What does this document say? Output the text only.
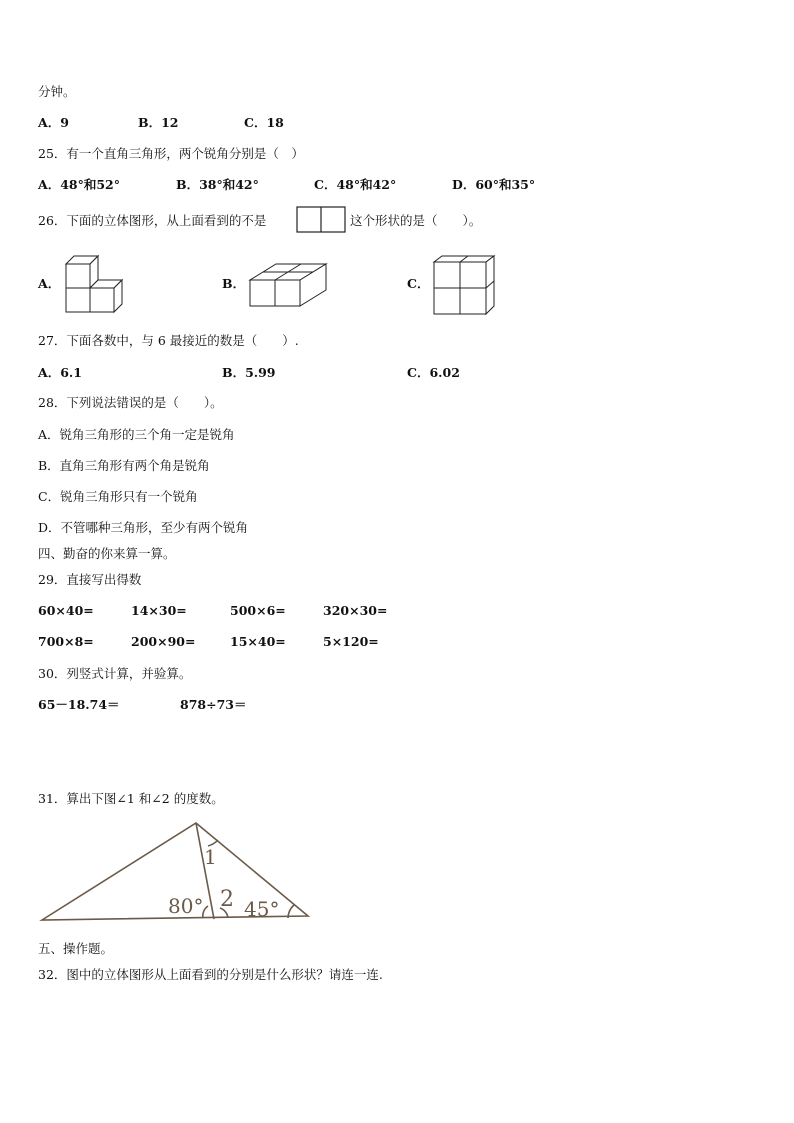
分钟。
A．9	B．12	C．18
25．有一个直角三角形，两个锐角分别是（　）
A．48°和52°	B．38°和42°	C．48°和42°	D．60°和35°
26．下面的立体图形，从上面看到的不是	这个形状的是（　　）。
A．	B．	C．
27．下面各数中，与 6 最接近的数是（　　）.
A．6.1	B．5.99	C．6.02
28．下列说法错误的是（　　）。
A．锐角三角形的三个角一定是锐角
B．直角三角形有两个角是锐角
C．锐角三角形只有一个锐角
D．不管哪种三角形，至少有两个锐角
四、勤奋的你来算一算。
29．直接写出得数
60×40=	14×30=	500×6=	320×30=
700×8=	200×90=	15×40=	5×120=
30．列竖式计算，并验算。
65－18.74＝	878÷73＝
31．算出下图∠1 和∠2 的度数。
1
2
80° 45°
五、操作题。
32．图中的立体图形从上面看到的分别是什么形状？请连一连.
